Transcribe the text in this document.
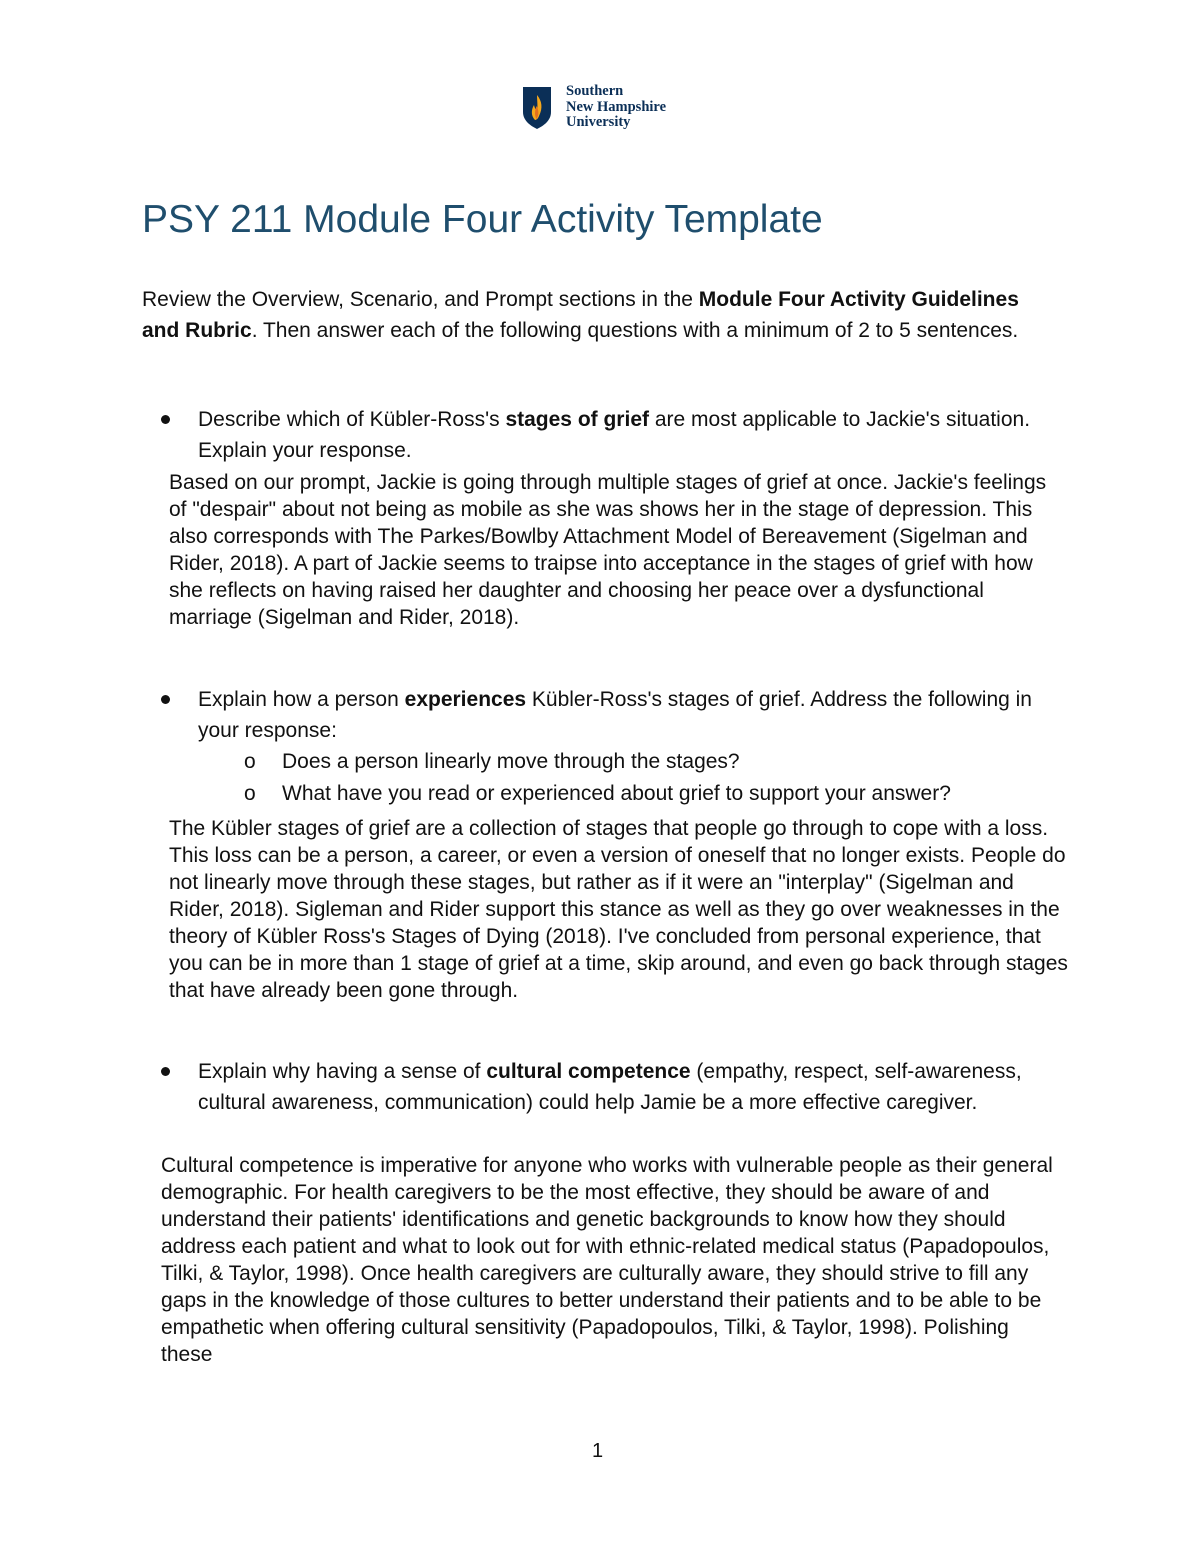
Southern
New Hampshire
University
PSY 211 Module Four Activity Template

Review the Overview, Scenario, and Prompt sections in the Module Four Activity Guidelines and Rubric. Then answer each of the following questions with a minimum of 2 to 5 sentences.

Describe which of Kübler-Ross's stages of grief are most applicable to Jackie's situation. Explain your response.

Based on our prompt, Jackie is going through multiple stages of grief at once. Jackie's feelings of "despair" about not being as mobile as she was shows her in the stage of depression. This also corresponds with The Parkes/Bowlby Attachment Model of Bereavement (Sigelman and Rider, 2018). A part of Jackie seems to traipse into acceptance in the stages of grief with how she reflects on having raised her daughter and choosing her peace over a dysfunctional marriage (Sigelman and Rider, 2018).

Explain how a person experiences Kübler-Ross's stages of grief. Address the following in your response:

o Does a person linearly move through the stages?

o What have you read or experienced about grief to support your answer?

The Kübler stages of grief are a collection of stages that people go through to cope with a loss. This loss can be a person, a career, or even a version of oneself that no longer exists. People do not linearly move through these stages, but rather as if it were an "interplay" (Sigelman and Rider, 2018). Sigleman and Rider support this stance as well as they go over weaknesses in the theory of Kübler Ross's Stages of Dying (2018). I've concluded from personal experience, that you can be in more than 1 stage of grief at a time, skip around, and even go back through stages that have already been gone through.

Explain why having a sense of cultural competence (empathy, respect, self-awareness, cultural awareness, communication) could help Jamie be a more effective caregiver.

Cultural competence is imperative for anyone who works with vulnerable people as their general demographic. For health caregivers to be the most effective, they should be aware of and understand their patients' identifications and genetic backgrounds to know how they should address each patient and what to look out for with ethnic-related medical status (Papadopoulos, Tilki, & Taylor, 1998). Once health caregivers are culturally aware, they should strive to fill any gaps in the knowledge of those cultures to better understand their patients and to be able to be empathetic when offering cultural sensitivity (Papadopoulos, Tilki, & Taylor, 1998). Polishing these

1
